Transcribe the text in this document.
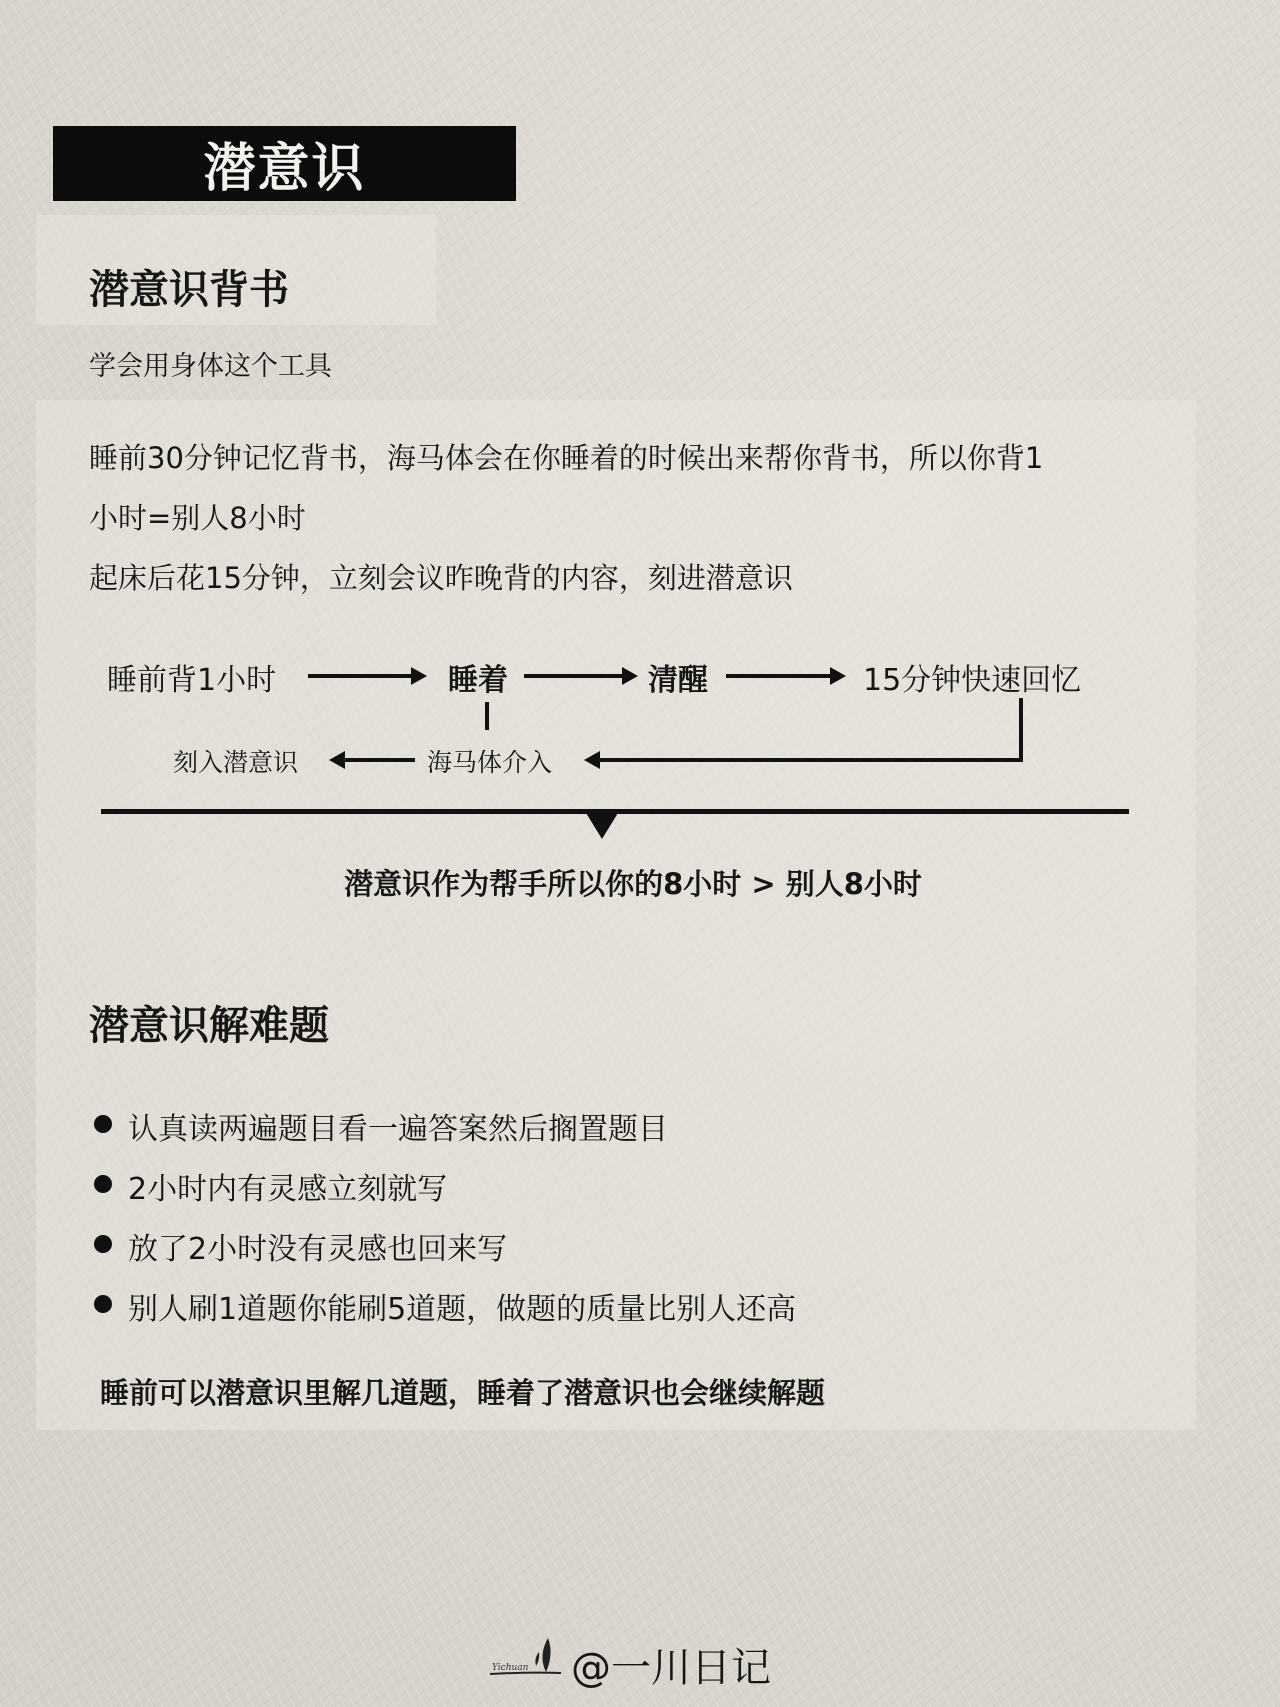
潜意识
潜意识背书
学会用身体这个工具
睡前30分钟记忆背书，海马体会在你睡着的时候出来帮你背书，所以你背1
小时=别人8小时
起床后花15分钟，立刻会议昨晚背的内容，刻进潜意识
睡前背1小时	睡着	清醒	15分钟快速回忆
海马体介入
刻入潜意识
潜意识作为帮手所以你的8小时 > 别人8小时
潜意识解难题
认真读两遍题目看一遍答案然后搁置题目
2小时内有灵感立刻就写
放了2小时没有灵感也回来写
别人刷1道题你能刷5道题，做题的质量比别人还高
睡前可以潜意识里解几道题，睡着了潜意识也会继续解题
Yichuan @一川日记
